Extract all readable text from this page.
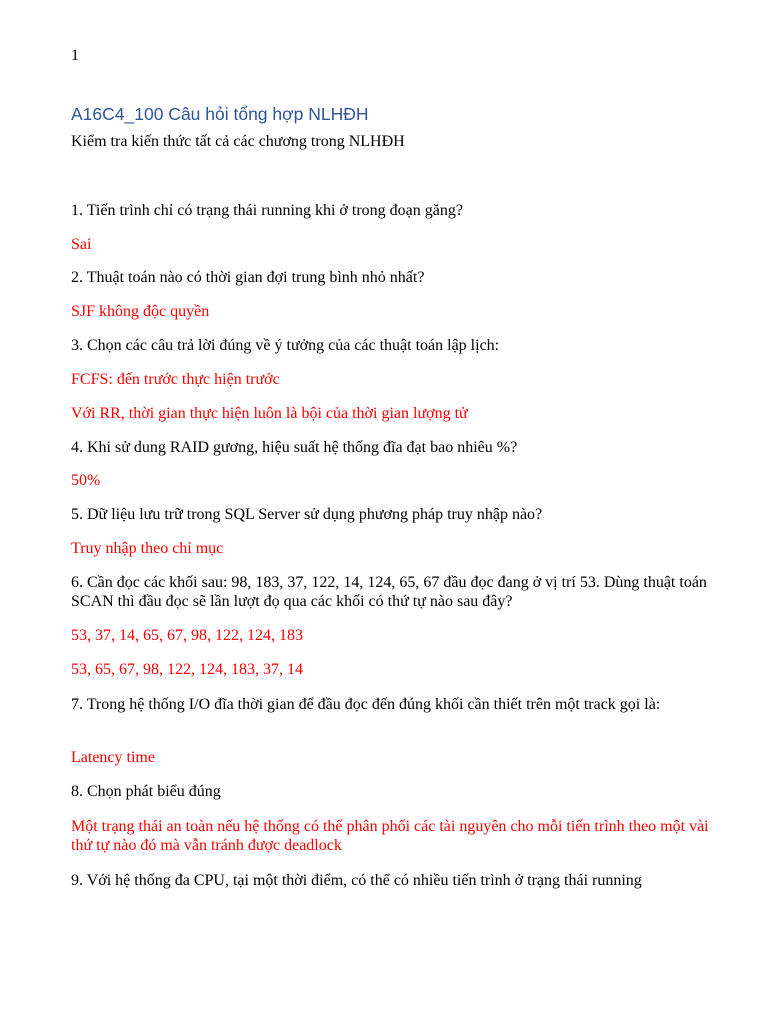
1
A16C4_100 Câu hỏi tổng hợp NLHĐH
Kiểm tra kiến thức tất cả các chương trong NLHĐH

1. Tiến trình chỉ có trạng thái running khi ở trong đoạn găng?

Sai

2. Thuật toán nào có thời gian đợi trung bình nhỏ nhất?

SJF không độc quyền

3. Chọn các câu trả lời đúng về ý tưởng của các thuật toán lập lịch:

FCFS: đến trước thực hiện trước

Với RR, thời gian thực hiện luôn là bội của thời gian lượng tử

4. Khi sử dung RAID gương, hiệu suất hệ thống đĩa đạt bao nhiêu %?

50%

5. Dữ liệu lưu trữ trong SQL Server sử dụng phương pháp truy nhập nào?

Truy nhập theo chỉ mục

6. Cần đọc các khối sau: 98, 183, 37, 122, 14, 124, 65, 67 đầu đọc đang ở vị trí 53. Dùng thuật toán SCAN thì đầu đọc sẽ lần lượt đọ qua các khối có thứ tự nào sau đây?

53, 37, 14, 65, 67, 98, 122, 124, 183

53, 65, 67, 98, 122, 124, 183, 37, 14

7. Trong hệ thống I/O đĩa thời gian để đầu đọc đến đúng khối cần thiết trên một track gọi là:

Latency time

8. Chọn phát biểu đúng

Một trạng thái an toàn nếu hệ thống có thể phân phối các tài nguyên cho mỗi tiến trình theo một vài thứ tự nào đó mà vẫn tránh được deadlock

9. Với hệ thống đa CPU, tại một thời điểm, có thể có nhiều tiến trình ở trạng thái running
